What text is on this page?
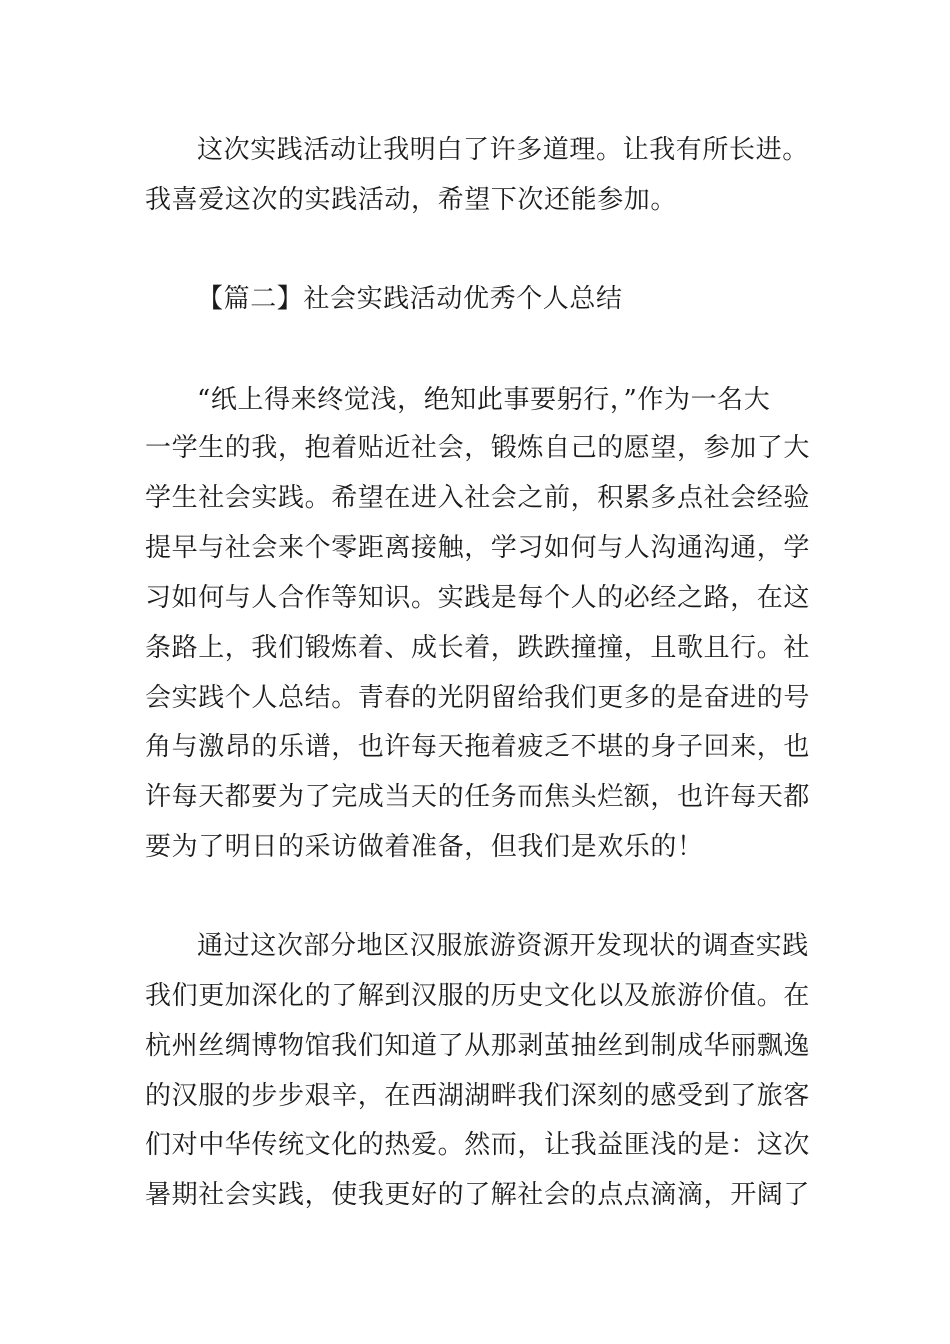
这次实践活动让我明白了许多道理。让我有所长进。
我喜爱这次的实践活动，希望下次还能参加。
【篇二】社会实践活动优秀个人总结
“纸上得来终觉浅，绝知此事要躬行，”作为一名大
一学生的我，抱着贴近社会，锻炼自己的愿望，参加了大
学生社会实践。希望在进入社会之前，积累多点社会经验
提早与社会来个零距离接触，学习如何与人沟通沟通，学
习如何与人合作等知识。实践是每个人的必经之路，在这
条路上，我们锻炼着、成长着，跌跌撞撞，且歌且行。社
会实践个人总结。青春的光阴留给我们更多的是奋进的号
角与激昂的乐谱，也许每天拖着疲乏不堪的身子回来，也
许每天都要为了完成当天的任务而焦头烂额，也许每天都
要为了明日的采访做着准备，但我们是欢乐的！
通过这次部分地区汉服旅游资源开发现状的调查实践
我们更加深化的了解到汉服的历史文化以及旅游价值。在
杭州丝绸博物馆我们知道了从那剥茧抽丝到制成华丽飘逸
的汉服的步步艰辛，在西湖湖畔我们深刻的感受到了旅客
们对中华传统文化的热爱。然而，让我益匪浅的是：这次
暑期社会实践，使我更好的了解社会的点点滴滴，开阔了
